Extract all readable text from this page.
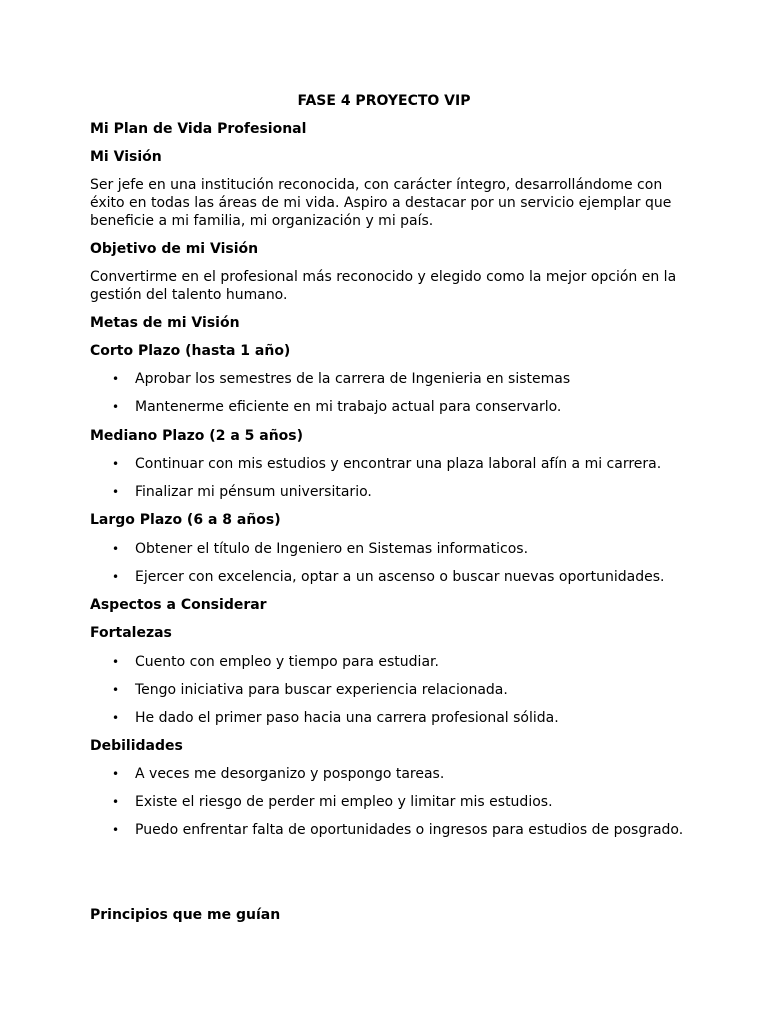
FASE 4 PROYECTO VIP
Mi Plan de Vida Profesional
Mi Visión
Ser jefe en una institución reconocida, con carácter íntegro, desarrollándome con
éxito en todas las áreas de mi vida. Aspiro a destacar por un servicio ejemplar que
beneficie a mi familia, mi organización y mi país.
Objetivo de mi Visión
Convertirme en el profesional más reconocido y elegido como la mejor opción en la
gestión del talento humano.
Metas de mi Visión
Corto Plazo (hasta 1 año)
• Aprobar los semestres de la carrera de Ingenieria en sistemas
• Mantenerme eficiente en mi trabajo actual para conservarlo.
Mediano Plazo (2 a 5 años)
• Continuar con mis estudios y encontrar una plaza laboral afín a mi carrera.
• Finalizar mi pénsum universitario.
Largo Plazo (6 a 8 años)
• Obtener el título de Ingeniero en Sistemas informaticos.
• Ejercer con excelencia, optar a un ascenso o buscar nuevas oportunidades.
Aspectos a Considerar
Fortalezas
• Cuento con empleo y tiempo para estudiar.
• Tengo iniciativa para buscar experiencia relacionada.
• He dado el primer paso hacia una carrera profesional sólida.
Debilidades
• A veces me desorganizo y pospongo tareas.
• Existe el riesgo de perder mi empleo y limitar mis estudios.
• Puedo enfrentar falta de oportunidades o ingresos para estudios de posgrado.
Principios que me guían
